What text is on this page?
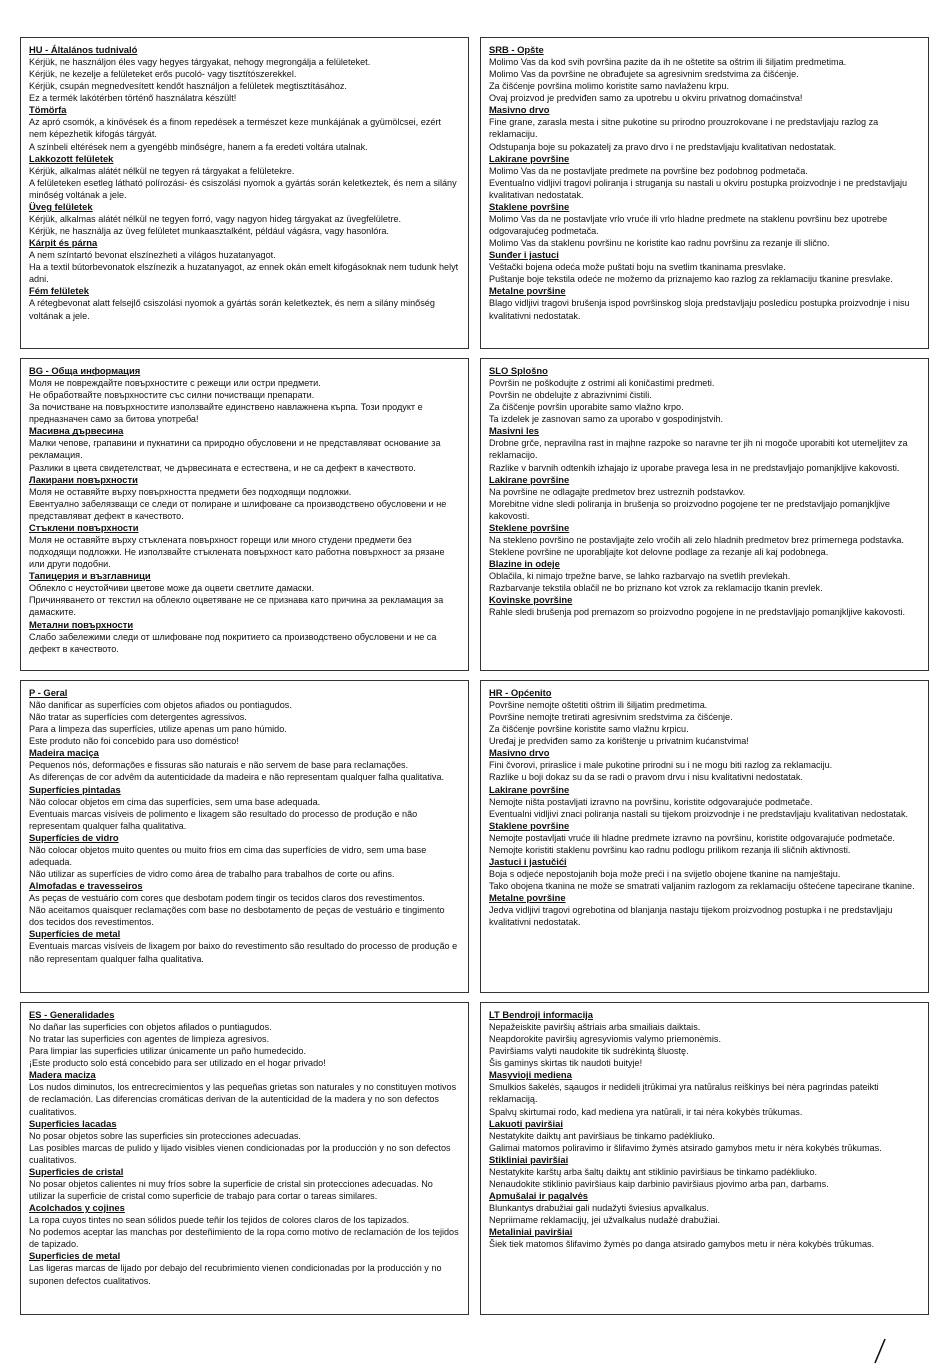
HU - Általános tudnivaló

Kérjük, ne használjon éles vagy hegyes tárgyakat, nehogy megrongálja a felületeket.

Kérjük, ne kezelje a felületeket erős pucoló- vagy tisztítószerekkel.

Kérjük, csupán megnedvesített kendőt használjon a felületek megtisztításához.

Ez a termék lakótérben történő használatra készült!

Tömörfa

Az apró csomók, a kinövések és a finom repedések a természet keze munkájának a gyümölcsei, ezért nem képezhetik kifogás tárgyát.

A színbeli eltérések nem a gyengébb minőségre, hanem a fa eredeti voltára utalnak.

Lakkozott felületek

Kérjük, alkalmas alátét nélkül ne tegyen rá tárgyakat a felületekre.

A felületeken esetleg látható polírozási- és csiszolási nyomok a gyártás során keletkeztek, és nem a silány minőség voltának a jele.

Üveg felületek

Kérjük, alkalmas alátét nélkül ne tegyen forró, vagy nagyon hideg tárgyakat az üvegfelületre.

Kérjük, ne használja az üveg felületet munkaasztalként, például vágásra, vagy hasonlóra.

Kárpit és párna

A nem színtartó bevonat elszínezheti a világos huzatanyagot.

Ha a textil bútorbevonatok elszínezik a huzatanyagot, az ennek okán emelt kifogásoknak nem tudunk helyt adni.

Fém felületek

A rétegbevonat alatt felsejlő csiszolási nyomok a gyártás során keletkeztek, és nem a silány minőség voltának a jele.

SRB - Opšte

Molimo Vas da kod svih površina pazite da ih ne oštetite sa oštrim ili šiljatim predmetima.

Molimo Vas da površine ne obrađujete sa agresivnim sredstvima za čišćenje.

Za čišćenje površina molimo koristite samo navlaženu krpu.

Ovaj proizvod je predviđen samo za upotrebu u okviru privatnog domaćinstva!

Masivno drvo

Fine grane, zarasla mesta i sitne pukotine su prirodno prouzrokovane i ne predstavljaju razlog za reklamaciju.

Odstupanja boje su pokazatelj za pravo drvo i ne predstavljaju kvalitativan nedostatak.

Lakirane površine

Molimo Vas da ne postavljate predmete na površine bez podobnog podmetača.

Eventualno vidljivi tragovi poliranja i struganja su nastali u okviru postupka proizvodnje i ne predstavljaju kvalitativan nedostatak.

Staklene površine

Molimo Vas da ne postavljate vrlo vruće ili vrlo hladne predmete na staklenu površinu bez upotrebe odgovarajućeg podmetača.

Molimo Vas da staklenu površinu ne koristite kao radnu površinu za rezanje ili slično.

Sunđer i jastuci

Veštački bojena odeća može puštati boju na svetlim tkaninama presvlake.

Puštanje boje tekstila odeće ne možemo da priznajemo kao razlog za reklamaciju tkanine presvlake.

Metalne površine

Blago vidljivi tragovi brušenja ispod površinskog sloja predstavljaju posledicu postupka proizvodnje i nisu kvalitativni nedostatak.

BG - Обща информация

Моля не повреждайте повърхностите с режещи или остри предмети.

Не обработвайте повърхностите със силни почистващи препарати.

За почистване на повърхностите използвайте единствено навлажнена кърпа. Този продукт е предназначен само за битова употреба!

Масивна дървесина

Малки чепове, грапавини и пукнатини са природно обусловени и не представляват основание за рекламация.

Разлики в цвета свидетелстват, че дървесината е естествена, и не са дефект в качеството.

Лакирани повърхности

Моля не оставяйте върху повърхността предмети без подходящи подложки.

Евентуално забелязващи се следи от полиране и шлифоване са производствено обусловени и не представляват дефект в качеството.

Стъклени повърхности

Моля не оставяйте върху стъклената повърхност горещи или много студени предмети без подходящи подложки. Не използвайте стъклената повърхност като работна повърхност за рязане или други подобни.

Тапицерия и възглавници

Облекло с неустойчиви цветове може да оцвети светлите дамаски.

Причиняването от текстил на облекло оцветяване не се признава като причина за рекламация за дамаските.

Метални повърхности

Слабо забележими следи от шлифоване под покритието са производствено обусловени и не са дефект в качеството.

SLO Splošno

Površin ne poškodujte z ostrimi ali koničastimi predmeti.

Površin ne obdelujte z abrazivnimi čistili.

Za čiščenje površin uporabite samo vlažno krpo.

Ta izdelek je zasnovan samo za uporabo v gospodinjstvih.

Masivni les

Drobne grče, nepravilna rast in majhne razpoke so naravne ter jih ni mogoče uporabiti kot utemeljitev za reklamacijo.

Razlike v barvnih odtenkih izhajajo iz uporabe pravega lesa in ne predstavljajo pomanjkljive kakovosti.

Lakirane površine

Na površine ne odlagajte predmetov brez ustreznih podstavkov.

Morebitne vidne sledi poliranja in brušenja so proizvodno pogojene ter ne predstavljajo pomanjkljive kakovosti.

Steklene površine

Na stekleno površino ne postavljajte zelo vročih ali zelo hladnih predmetov brez primernega podstavka.

Steklene površine ne uporabljajte kot delovne podlage za rezanje ali kaj podobnega.

Blazine in odeje

Oblačila, ki nimajo trpežne barve, se lahko razbarvajo na svetlih prevlekah.

Razbarvanje tekstila oblačil ne bo priznano kot vzrok za reklamacijo tkanin prevlek.

Kovinske površine

Rahle sledi brušenja pod premazom so proizvodno pogojene in ne predstavljajo pomanjkljive kakovosti.

P - Geral

Não danificar as superfícies com objetos afiados ou pontiagudos.

Não tratar as superfícies com detergentes agressivos.

Para a limpeza das superfícies, utilize apenas um pano húmido.

Este produto não foi concebido para uso doméstico!

Madeira maciça

Pequenos nós, deformações e fissuras são naturais e não servem de base para reclamações.

As diferenças de cor advêm da autenticidade da madeira e não representam qualquer falha qualitativa.

Superfícies pintadas

Não colocar objetos em cima das superfícies, sem uma base adequada.

Eventuais marcas visíveis de polimento e lixagem são resultado do processo de produção e não representam qualquer falha qualitativa.

Superfícies de vidro

Não colocar objetos muito quentes ou muito frios em cima das superfícies de vidro, sem uma base adequada.

Não utilizar as superfícies de vidro como área de trabalho para trabalhos de corte ou afins.

Almofadas e travesseiros

As peças de vestuário com cores que desbotam podem tingir os tecidos claros dos revestimentos.

Não aceitamos quaisquer reclamações com base no desbotamento de peças de vestuário e tingimento dos tecidos dos revestimentos.

Superfícies de metal

Eventuais marcas visíveis de lixagem por baixo do revestimento são resultado do processo de produção e não representam qualquer falha qualitativa.

HR - Općenito

Površine nemojte oštetiti oštrim ili šiljatim predmetima.

Površine nemojte tretirati agresivnim sredstvima za čišćenje.

Za čišćenje površine koristite samo vlažnu krpicu.

Uređaj je predviđen samo za korištenje u privatnim kućanstvima!

Masivno drvo

Fini čvorovi, priraslice i male pukotine prirodni su i ne mogu biti razlog za reklamaciju.

Razlike u boji dokaz su da se radi o pravom drvu i nisu kvalitativni nedostatak.

Lakirane površine

Nemojte ništa postavljati izravno na površinu, koristite odgovarajuće podmetače.

Eventualni vidljivi znaci poliranja nastali su tijekom proizvodnje i ne predstavljaju kvalitativan nedostatak.

Staklene površine

Nemojte postavljati vruće ili hladne predmete izravno na površinu, koristite odgovarajuće podmetače.

Nemojte koristiti staklenu površinu kao radnu podlogu prilikom rezanja ili sličnih aktivnosti.

Jastuci i jastučići

Boja s odjeće nepostojanih boja može preći i na svijetlo obojene tkanine na namještaju.

Tako obojena tkanina ne može se smatrati valjanim razlogom za reklamaciju oštećene tapecirane tkanine.

Metalne površine

Jedva vidljivi tragovi ogrebotina od blanjanja nastaju tijekom proizvodnog postupka i ne predstavljaju kvalitativni nedostatak.

ES - Generalidades

No dañar las superficies con objetos afilados o puntiagudos.

No tratar las superficies con agentes de limpieza agresivos.

Para limpiar las superficies utilizar únicamente un paño humedecido.

¡Este producto solo está concebido para ser utilizado en el hogar privado!

Madera maciza

Los nudos diminutos, los entrecrecimientos y las pequeñas grietas son naturales y no constituyen motivos de reclamación. Las diferencias cromáticas derivan de la autenticidad de la madera y no son defectos cualitativos.

Superficies lacadas

No posar objetos sobre las superficies sin protecciones adecuadas.

Las posibles marcas de pulido y lijado visibles vienen condicionadas por la producción y no son defectos cualitativos.

Superficies de cristal

No posar objetos calientes ni muy fríos sobre la superficie de cristal sin protecciones adecuadas. No utilizar la superficie de cristal como superficie de trabajo para cortar o tareas similares.

Acolchados y cojines

La ropa cuyos tintes no sean sólidos puede teñir los tejidos de colores claros de los tapizados.

No podemos aceptar las manchas por desteñimiento de la ropa como motivo de reclamación de los tejidos de tapizado.

Superficies de metal

Las ligeras marcas de lijado por debajo del recubrimiento vienen condicionadas por la producción y no suponen defectos cualitativos.

LT Bendroji informacija

Nepažeiskite paviršių aštriais arba smailiais daiktais.

Neapdorokite paviršių agresyviomis valymo priemonėmis.

Paviršiams valyti naudokite tik sudrėkintą šluostę.

Šis gaminys skirtas tik naudoti buityje!

Masyvioji mediena

Smulkios šakelės, sąaugos ir nedideli įtrūkimai yra natūralus reiškinys bei nėra pagrindas pateikti reklamaciją.

Spalvų skirtumai rodo, kad mediena yra natūrali, ir tai nėra kokybės trūkumas.

Lakuoti paviršiai

Nestatykite daiktų ant paviršiaus be tinkamo padėkliuko.

Galimai matomos poliravimo ir šlifavimo žymės atsirado gamybos metu ir nėra kokybės trūkumas.

Stikliniai paviršiai

Nestatykite karštų arba šaltų daiktų ant stiklinio paviršiaus be tinkamo padėkliuko.

Nenaudokite stiklinio paviršiaus kaip darbinio paviršiaus pjovimo arba pan, darbams.

Apmušalai ir pagalvės

Blunkantys drabužiai gali nudažyti šviesius apvalkalus.

Nepriimame reklamacijų, jei užvalkalus nudažė drabužiai.

Metaliniai paviršiai

Šiek tiek matomos šlifavimo žymės po danga atsirado gamybos metu ir nėra kokybės trūkumas.
